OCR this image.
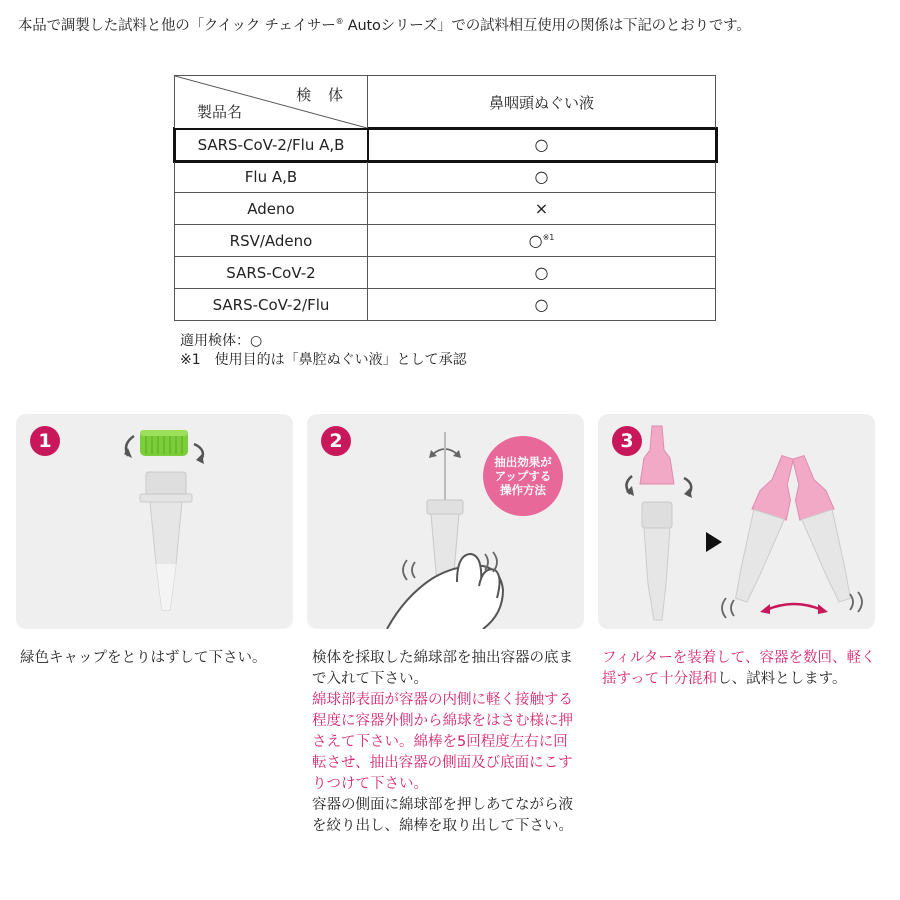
本品で調製した試料と他の「クイック チェイサー® Autoシリーズ」での試料相互使用の関係は下記のとおりです。
検 体
製品名	鼻咽頭ぬぐい液
SARS-CoV-2/Flu A,B	○
Flu A,B	○
Adeno	×
RSV/Adeno	○$^{※1}$
SARS-CoV-2	○
SARS-CoV-2/Flu	○
適用検体：○
※1　使用目的は「鼻腔ぬぐい液」として承認
1	2
抽出効果が
アップする
操作方法
3
緑色キャップをとりはずして下さい。	検体を採取した綿球部を抽出容器の底まで入れて下さい。
綿球部表面が容器の内側に軽く接触する程度に容器外側から綿球をはさむ様に押さえて下さい。綿棒を5回程度左右に回転させ、抽出容器の側面及び底面にこすりつけて下さい。
容器の側面に綿球部を押しあてながら液を絞り出し、綿棒を取り出して下さい。
フィルターを装着して、容器を数回、軽く揺すって十分混和し、試料とします。
